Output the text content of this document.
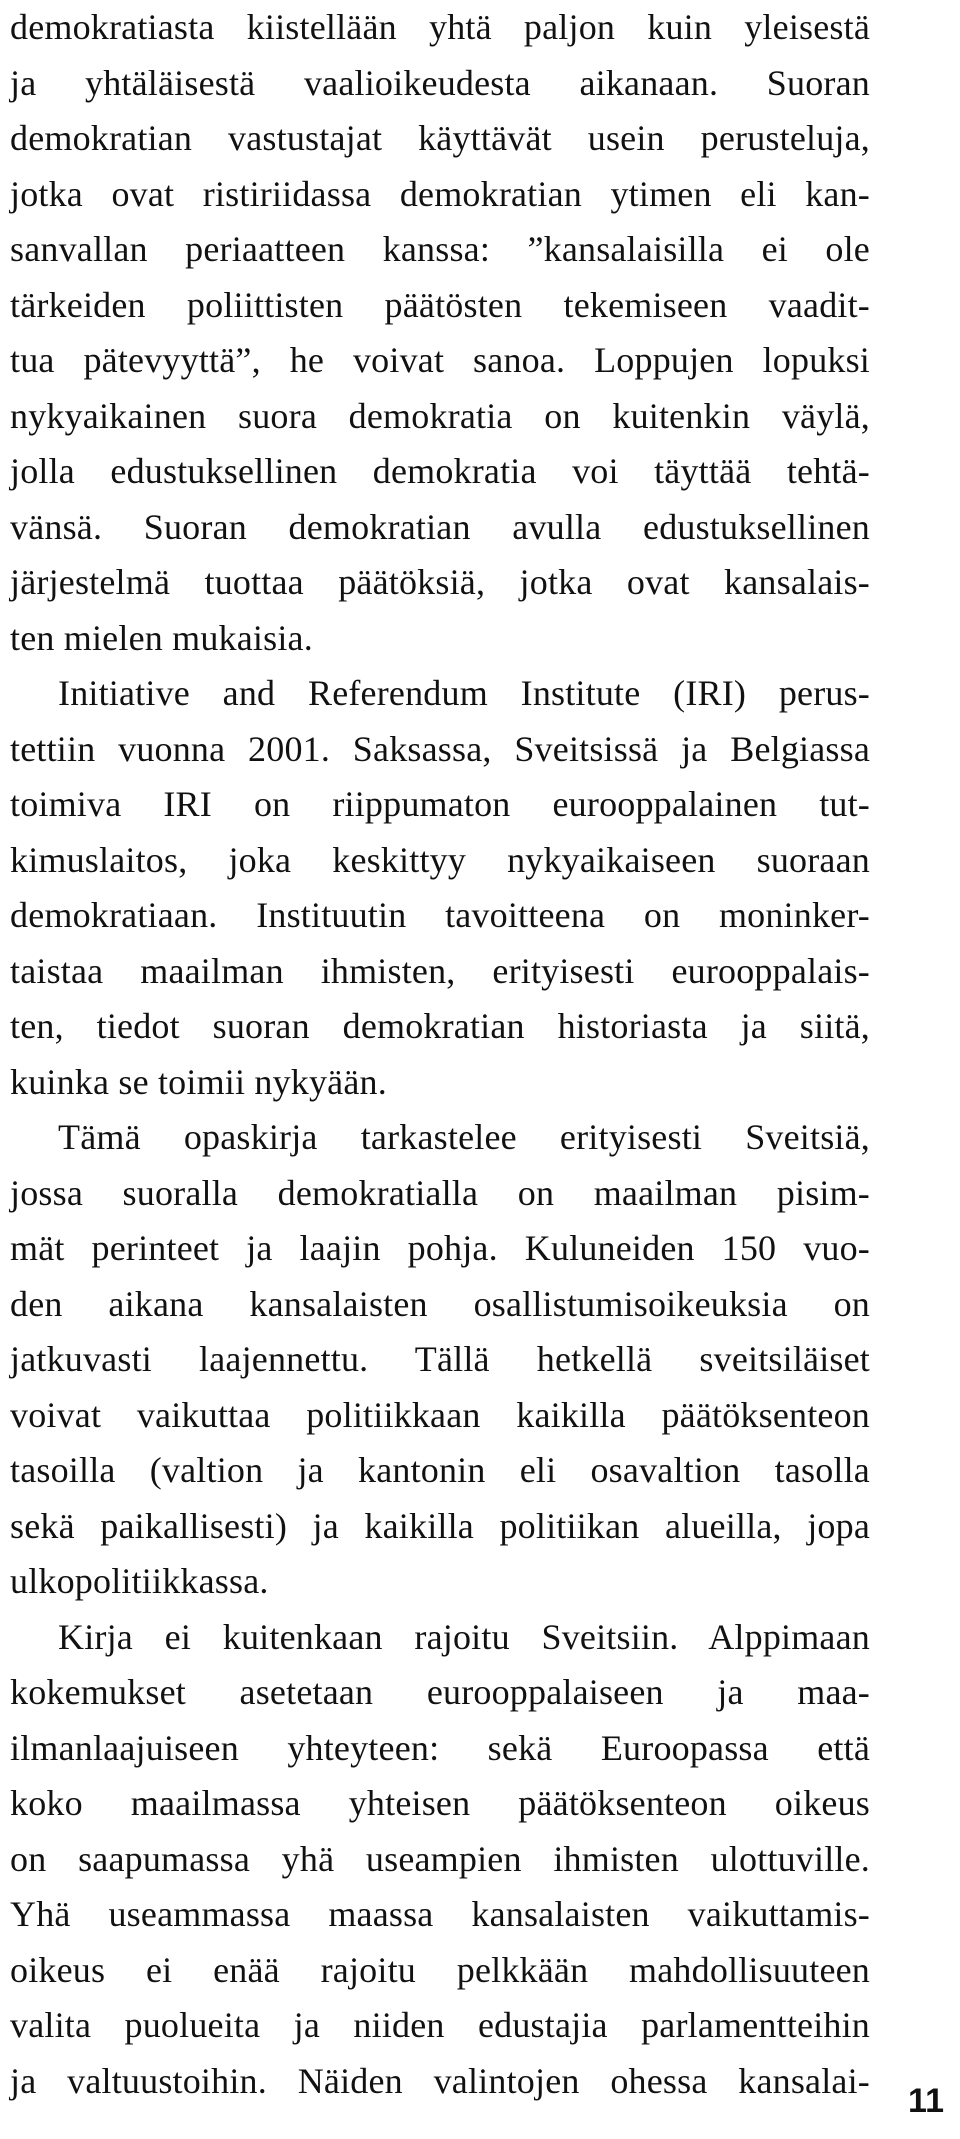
demokratiasta kiistellään yhtä paljon kuin yleisestä
ja yhtäläisestä vaalioikeudesta aikanaan. Suoran
demokratian vastustajat käyttävät usein perusteluja,
jotka ovat ristiriidassa demokratian ytimen eli kan-
sanvallan periaatteen kanssa: ”kansalaisilla ei ole
tärkeiden poliittisten päätösten tekemiseen vaadit-
tua pätevyyttä”, he voivat sanoa. Loppujen lopuksi
nykyaikainen suora demokratia on kuitenkin väylä,
jolla edustuksellinen demokratia voi täyttää tehtä-
vänsä. Suoran demokratian avulla edustuksellinen
järjestelmä tuottaa päätöksiä, jotka ovat kansalais-
ten mielen mukaisia.
Initiative and Referendum Institute (IRI) perus-
tettiin vuonna 2001. Saksassa, Sveitsissä ja Belgiassa
toimiva IRI on riippumaton eurooppalainen tut-
kimuslaitos, joka keskittyy nykyaikaiseen suoraan
demokratiaan. Instituutin tavoitteena on moninker-
taistaa maailman ihmisten, erityisesti eurooppalais-
ten, tiedot suoran demokratian historiasta ja siitä,
kuinka se toimii nykyään.
Tämä opaskirja tarkastelee erityisesti Sveitsiä,
jossa suoralla demokratialla on maailman pisim-
mät perinteet ja laajin pohja. Kuluneiden 150 vuo-
den aikana kansalaisten osallistumisoikeuksia on
jatkuvasti laajennettu. Tällä hetkellä sveitsiläiset
voivat vaikuttaa politiikkaan kaikilla päätöksenteon
tasoilla (valtion ja kantonin eli osavaltion tasolla
sekä paikallisesti) ja kaikilla politiikan alueilla, jopa
ulkopolitiikkassa.
Kirja ei kuitenkaan rajoitu Sveitsiin. Alppimaan
kokemukset asetetaan eurooppalaiseen ja maa-
ilmanlaajuiseen yhteyteen: sekä Euroopassa että
koko maailmassa yhteisen päätöksenteon oikeus
on saapumassa yhä useampien ihmisten ulottuville.
Yhä useammassa maassa kansalaisten vaikuttamis-
oikeus ei enää rajoitu pelkkään mahdollisuuteen
valita puolueita ja niiden edustajia parlamentteihin
ja valtuustoihin. Näiden valintojen ohessa kansalai-
11
